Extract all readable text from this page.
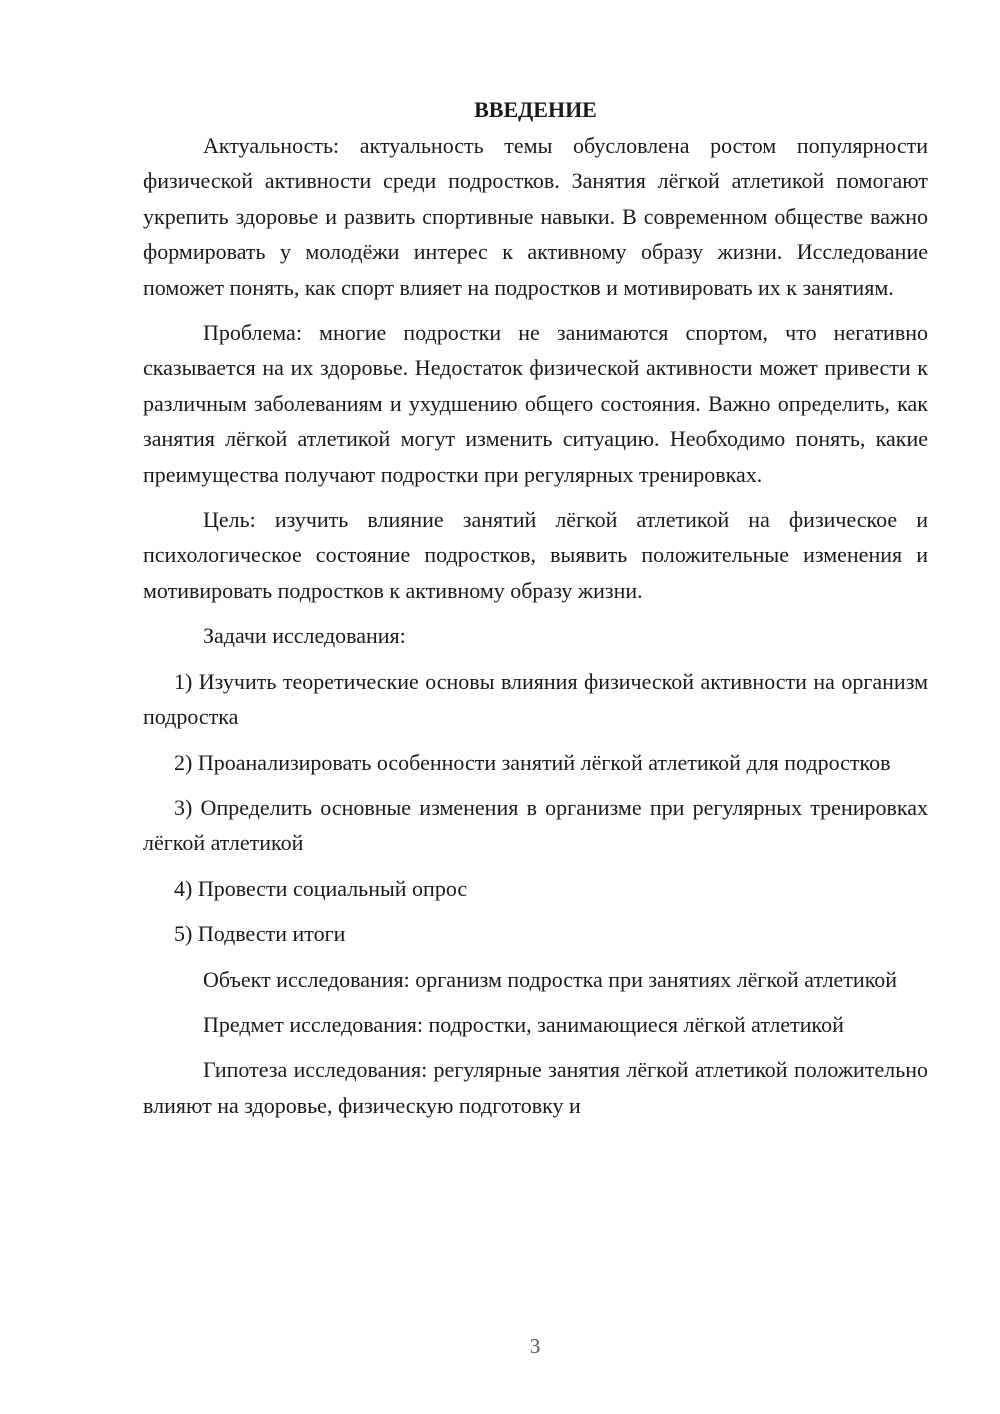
ВВЕДЕНИЕ

Актуальность: актуальность темы обусловлена ростом популярности физической активности среди подростков. Занятия лёгкой атлетикой помогают укрепить здоровье и развить спортивные навыки. В современном обществе важно формировать у молодёжи интерес к активному образу жизни. Исследование поможет понять, как спорт влияет на подростков и мотивировать их к занятиям.

Проблема: многие подростки не занимаются спортом, что негативно сказывается на их здоровье. Недостаток физической активности может привести к различным заболеваниям и ухудшению общего состояния. Важно определить, как занятия лёгкой атлетикой могут изменить ситуацию. Необходимо понять, какие преимущества получают подростки при регулярных тренировках.

Цель: изучить влияние занятий лёгкой атлетикой на физическое и психологическое состояние подростков, выявить положительные изменения и мотивировать подростков к активному образу жизни.

Задачи исследования:

1) Изучить теоретические основы влияния физической активности на организм подростка

2) Проанализировать особенности занятий лёгкой атлетикой для подростков

3) Определить основные изменения в организме при регулярных тренировках лёгкой атлетикой

4) Провести социальный опрос

5) Подвести итоги

Объект исследования: организм подростка при занятиях лёгкой атлетикой

Предмет исследования: подростки, занимающиеся лёгкой атлетикой

Гипотеза исследования: регулярные занятия лёгкой атлетикой положительно влияют на здоровье, физическую подготовку и

3
